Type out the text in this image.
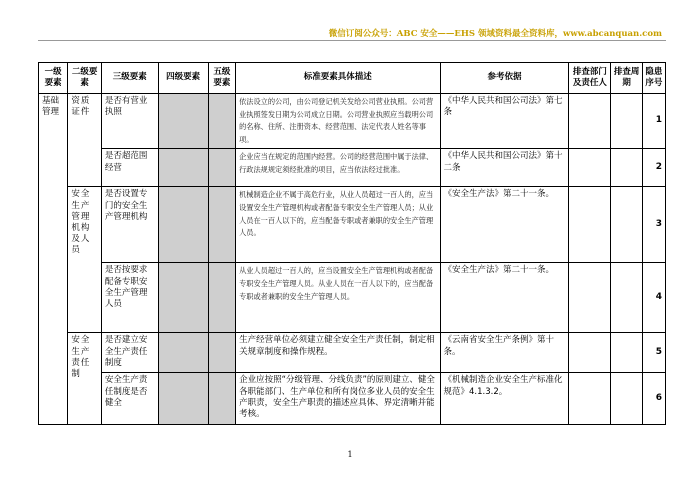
微信订阅公众号：ABC 安全——EHS 领域资料最全资料库，www.abcanquan.com
一级要素	二级要素	三级要素	四级要素	五级要素	标准要素具体描述	参考依据	排查部门及责任人	排查周期	隐患序号
基础管理	资质证件	是否有营业执照			依法设立的公司，由公司登记机关发给公司营业执照。公司营业执照签发日期为公司成立日期。公司营业执照应当载明公司的名称、住所、注册资本、经营范围、法定代表人姓名等事项。	《中华人民共和国公司法》第七条			1
		是否超范围经营			企业应当在规定的范围内经营。公司的经营范围中属于法律、行政法规规定须经批准的项目，应当依法经过批准。	《中华人民共和国公司法》第十二条			2
	安全生产管理机构及人员	是否设置专门的安全生产管理机构			机械制造企业不属于高危行业，从业人员超过一百人的，应当设置安全生产管理机构或者配备专职安全生产管理人员；从业人员在一百人以下的，应当配备专职或者兼职的安全生产管理人员。	《安全生产法》第二十一条。			3
		是否按要求配备专职安全生产管理人员			从业人员超过一百人的，应当设置安全生产管理机构或者配备专职安全生产管理人员。从业人员在一百人以下的，应当配备专职或者兼职的安全生产管理人员。	《安全生产法》第二十一条。			4
	安全生产责任制	是否建立安全生产责任制度			生产经营单位必须建立健全安全生产责任制，制定相关规章制度和操作规程。	《云南省安全生产条例》第十条。			5
		安全生产责任制度是否健全			企业应按照“分级管理、分线负责”的原则建立、健全各职能部门、生产单位和所有岗位多业人员的安全生产职责，安全生产职责的描述应具体、界定清晰并能考核。	《机械制造企业安全生产标准化规范》4.1.3.2。			6
1
